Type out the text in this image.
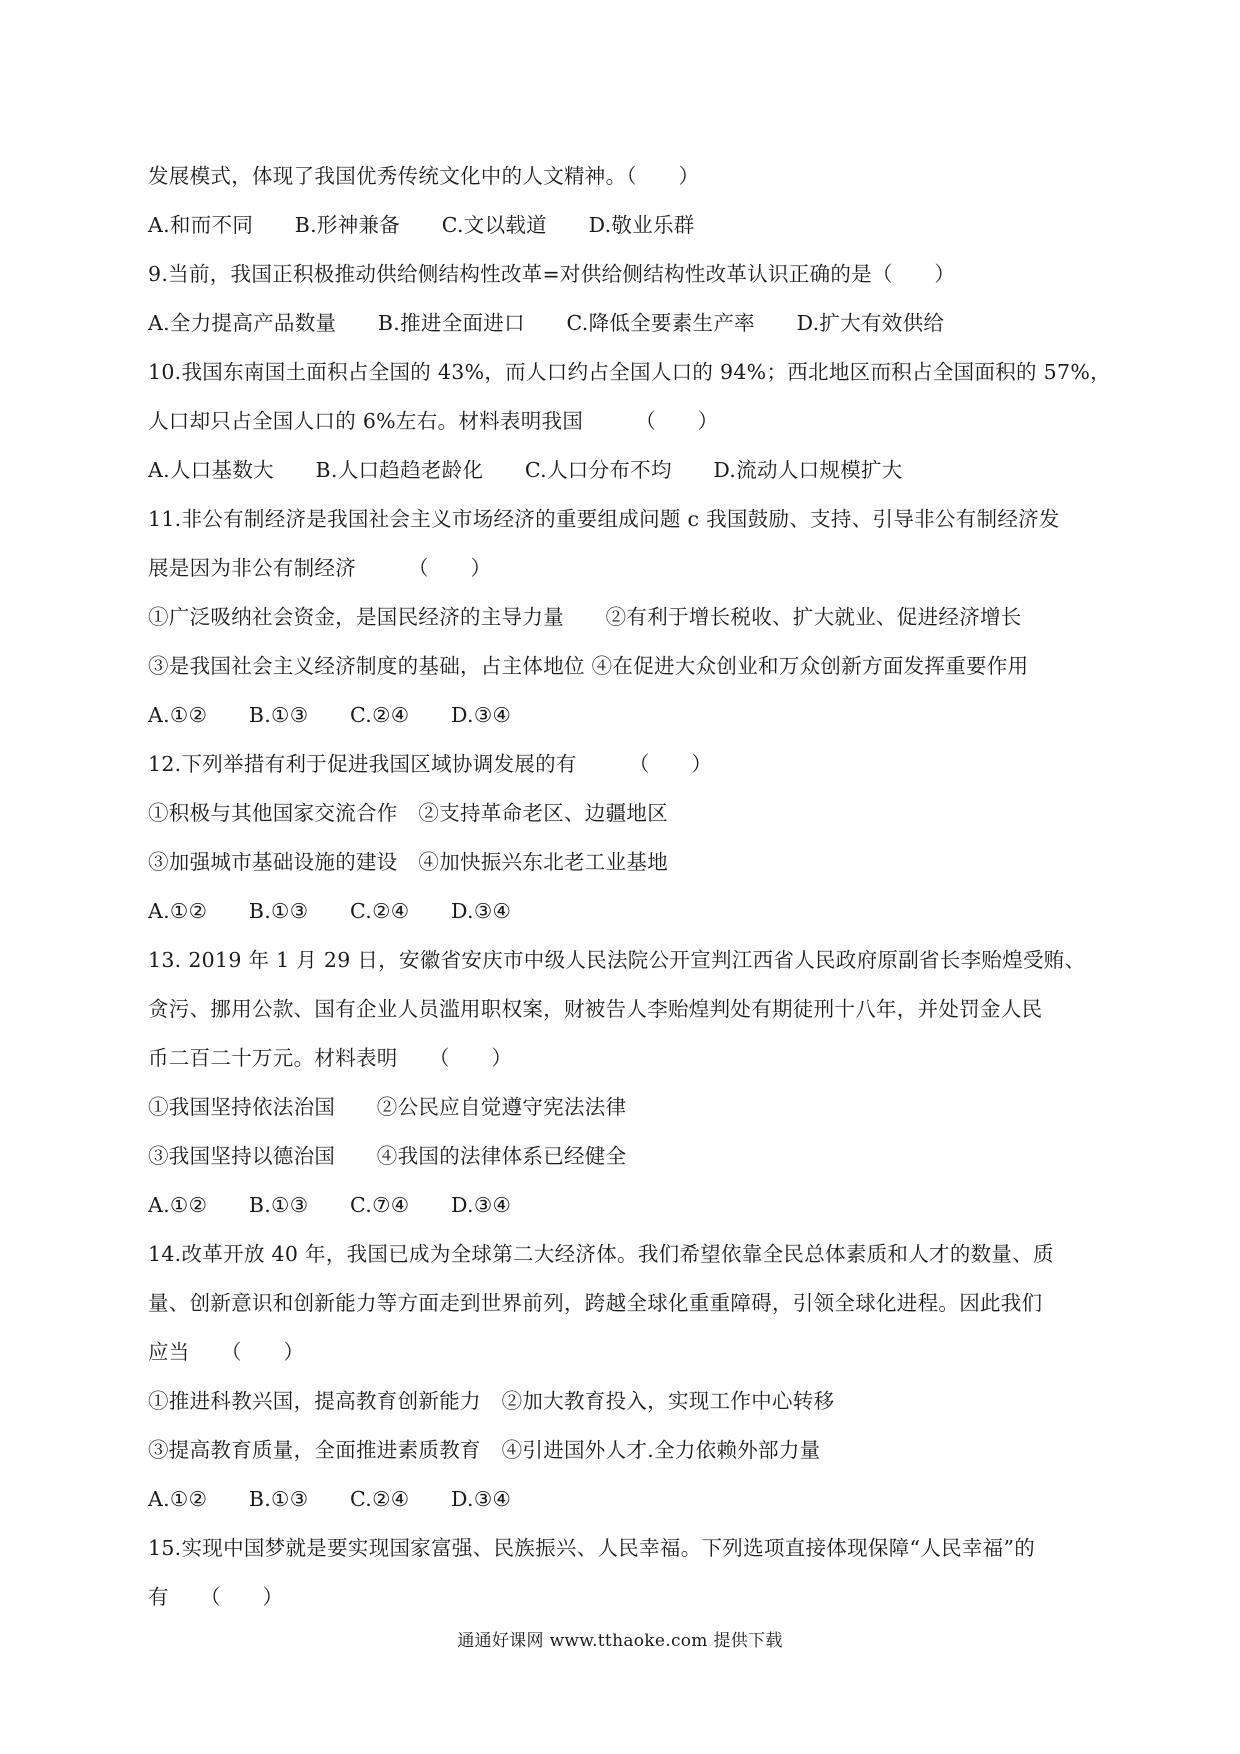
发展模式，体现了我国优秀传统文化中的人文精神。（　　）
A.和而不同　　B.形神兼备　　C.文以载道　　D.敬业乐群
9.当前，我国正积极推动供给侧结构性改革=对供给侧结构性改革认识正确的是（　　）
A.全力提高产品数量　　B.推进全面进口　　C.降低全要素生产率　　D.扩大有效供给
10.我国东南国土面积占全国的 43%，而人口约占全国人口的 94%；西北地区而积占全国面积的 57%，
人口却只占全国人口的 6%左右。材料表明我国　　　（　　）
A.人口基数大　　B.人口趋趋老龄化　　C.人口分布不均　　D.流动人口规模扩大
11.非公有制经济是我国社会主义市场经济的重要组成问题 c 我国鼓励、支持、引导非公有制经济发
展是因为非公有制经济　　　（　　）
①广泛吸纳社会资金，是国民经济的主导力量　　②有利于增长税收、扩大就业、促进经济增长
③是我国社会主义经济制度的基础，占主体地位 ④在促进大众创业和万众创新方面发挥重要作用
A.①②　　B.①③　　C.②④　　D.③④
12.下列举措有利于促进我国区域协调发展的有　　　（　　）
①积极与其他国家交流合作　②支持革命老区、边疆地区
③加强城市基础设施的建设　④加快振兴东北老工业基地
A.①②　　B.①③　　C.②④　　D.③④
13. 2019 年 1 月 29 日，安徽省安庆市中级人民法院公开宣判江西省人民政府原副省长李贻煌受贿、
贪污、挪用公款、国有企业人员滥用职权案，财被告人李贻煌判处有期徒刑十八年，并处罚金人民
币二百二十万元。材料表明　　（　　）
①我国坚持依法治国　　②公民应自觉遵守宪法法律
③我国坚持以德治国　　④我国的法律体系已经健全
A.①②　　B.①③　　C.⑦④　　D.③④
14.改革开放 40 年，我国已成为全球第二大经济体。我们希望依靠全民总体素质和人才的数量、质
量、创新意识和创新能力等方面走到世界前列，跨越全球化重重障碍，引领全球化进程。因此我们
应当　　（　　）
①推进科教兴国，提高教育创新能力　②加大教育投入，实现工作中心转移
③提高教育质量，全面推进素质教育　④引进国外人才.全力依赖外部力量
A.①②　　B.①③　　C.②④　　D.③④
15.实现中国梦就是要实现国家富强、民族振兴、人民幸福。下列选项直接体现保障“人民幸福”的
有　　（　　）
通通好课网 www.tthaoke.com 提供下载
